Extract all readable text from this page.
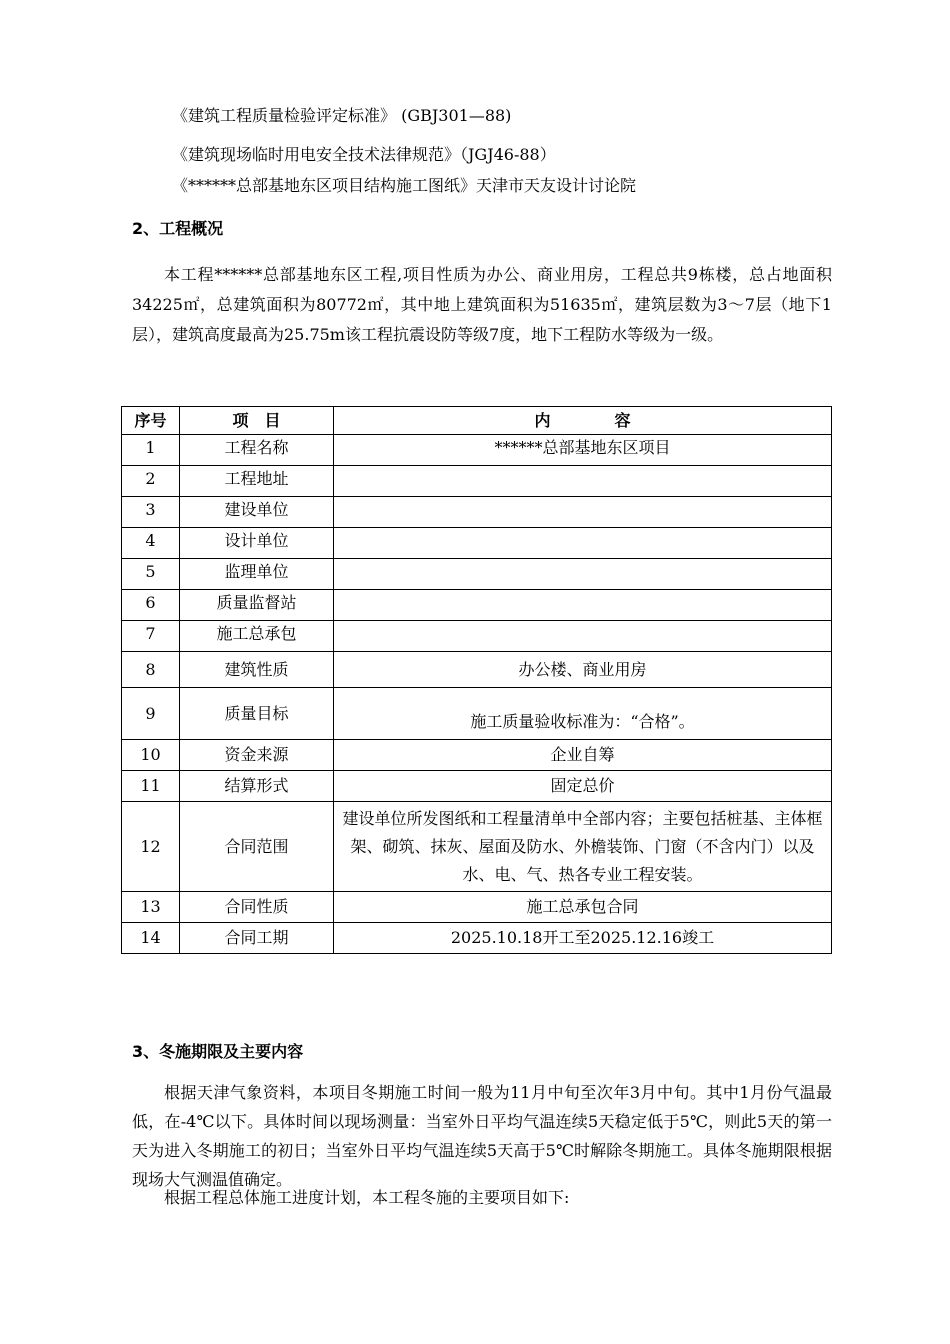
《建筑工程质量检验评定标准》 (GBJ301—88)
《建筑现场临时用电安全技术法律规范》（JGJ46-88）
《******总部基地东区项目结构施工图纸》天津市天友设计讨论院
2、工程概况
本工程******总部基地东区工程,项目性质为办公、商业用房，工程总共9栋楼，总占地面积34225㎡，总建筑面积为80772㎡，其中地上建筑面积为51635㎡，建筑层数为3～7层（地下1层），建筑高度最高为25.75m该工程抗震设防等级7度，地下工程防水等级为一级。
序号	项　目	内　　　　容
1	工程名称	******总部基地东区项目
2	工程地址	
3	建设单位	
4	设计单位	
5	监理单位	
6	质量监督站	
7	施工总承包	
8	建筑性质	办公楼、商业用房
9	质量目标	施工质量验收标准为：“合格”。
10	资金来源	企业自筹
11	结算形式	固定总价
12	合同范围	建设单位所发图纸和工程量清单中全部内容；主要包括桩基、主体框架、砌筑、抹灰、屋面及防水、外檐装饰、门窗（不含内门）以及水、电、气、热各专业工程安装。
13	合同性质	施工总承包合同
14	合同工期	2025.10.18开工至2025.12.16竣工
3、冬施期限及主要内容
根据天津气象资料，本项目冬期施工时间一般为11月中旬至次年3月中旬。其中1月份气温最低，在-4℃以下。具体时间以现场测量：当室外日平均气温连续5天稳定低于5℃，则此5天的第一天为进入冬期施工的初日；当室外日平均气温连续5天高于5℃时解除冬期施工。具体冬施期限根据现场大气测温值确定。
根据工程总体施工进度计划，本工程冬施的主要项目如下:
